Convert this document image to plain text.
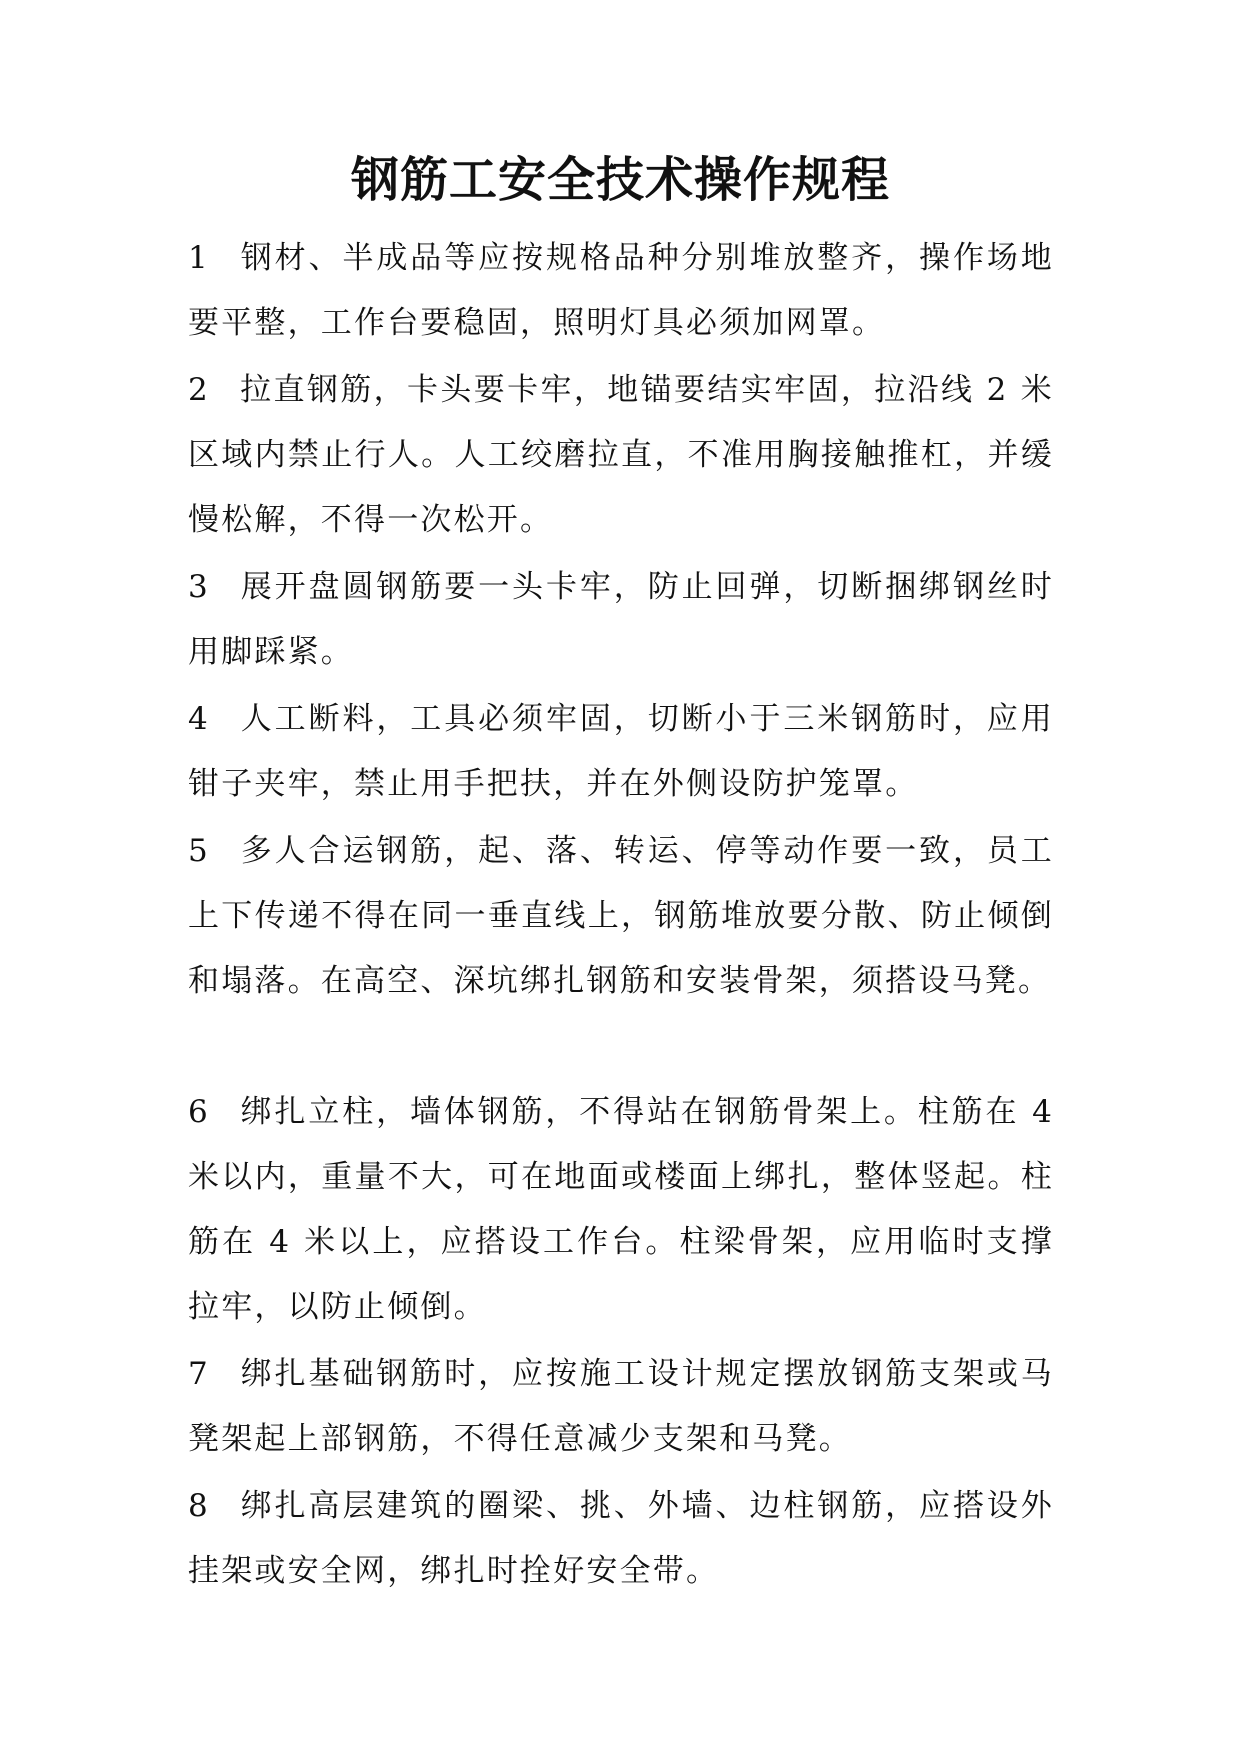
钢筋工安全技术操作规程

1 钢材、半成品等应按规格品种分别堆放整齐，操作场地要平整，工作台要稳固，照明灯具必须加网罩。

2 拉直钢筋，卡头要卡牢，地锚要结实牢固，拉沿线 2 米区域内禁止行人。人工绞磨拉直，不准用胸接触推杠，并缓慢松解，不得一次松开。

3 展开盘圆钢筋要一头卡牢，防止回弹，切断捆绑钢丝时用脚踩紧。

4 人工断料，工具必须牢固，切断小于三米钢筋时，应用钳子夹牢，禁止用手把扶，并在外侧设防护笼罩。

5 多人合运钢筋，起、落、转运、停等动作要一致，员工上下传递不得在同一垂直线上，钢筋堆放要分散、防止倾倒和塌落。在高空、深坑绑扎钢筋和安装骨架，须搭设马凳。

6 绑扎立柱，墙体钢筋，不得站在钢筋骨架上。柱筋在 4 米以内，重量不大，可在地面或楼面上绑扎，整体竖起。柱筋在 4 米以上，应搭设工作台。柱梁骨架，应用临时支撑拉牢，以防止倾倒。

7 绑扎基础钢筋时，应按施工设计规定摆放钢筋支架或马凳架起上部钢筋，不得任意减少支架和马凳。

8 绑扎高层建筑的圈梁、挑、外墙、边柱钢筋，应搭设外挂架或安全网，绑扎时拴好安全带。
